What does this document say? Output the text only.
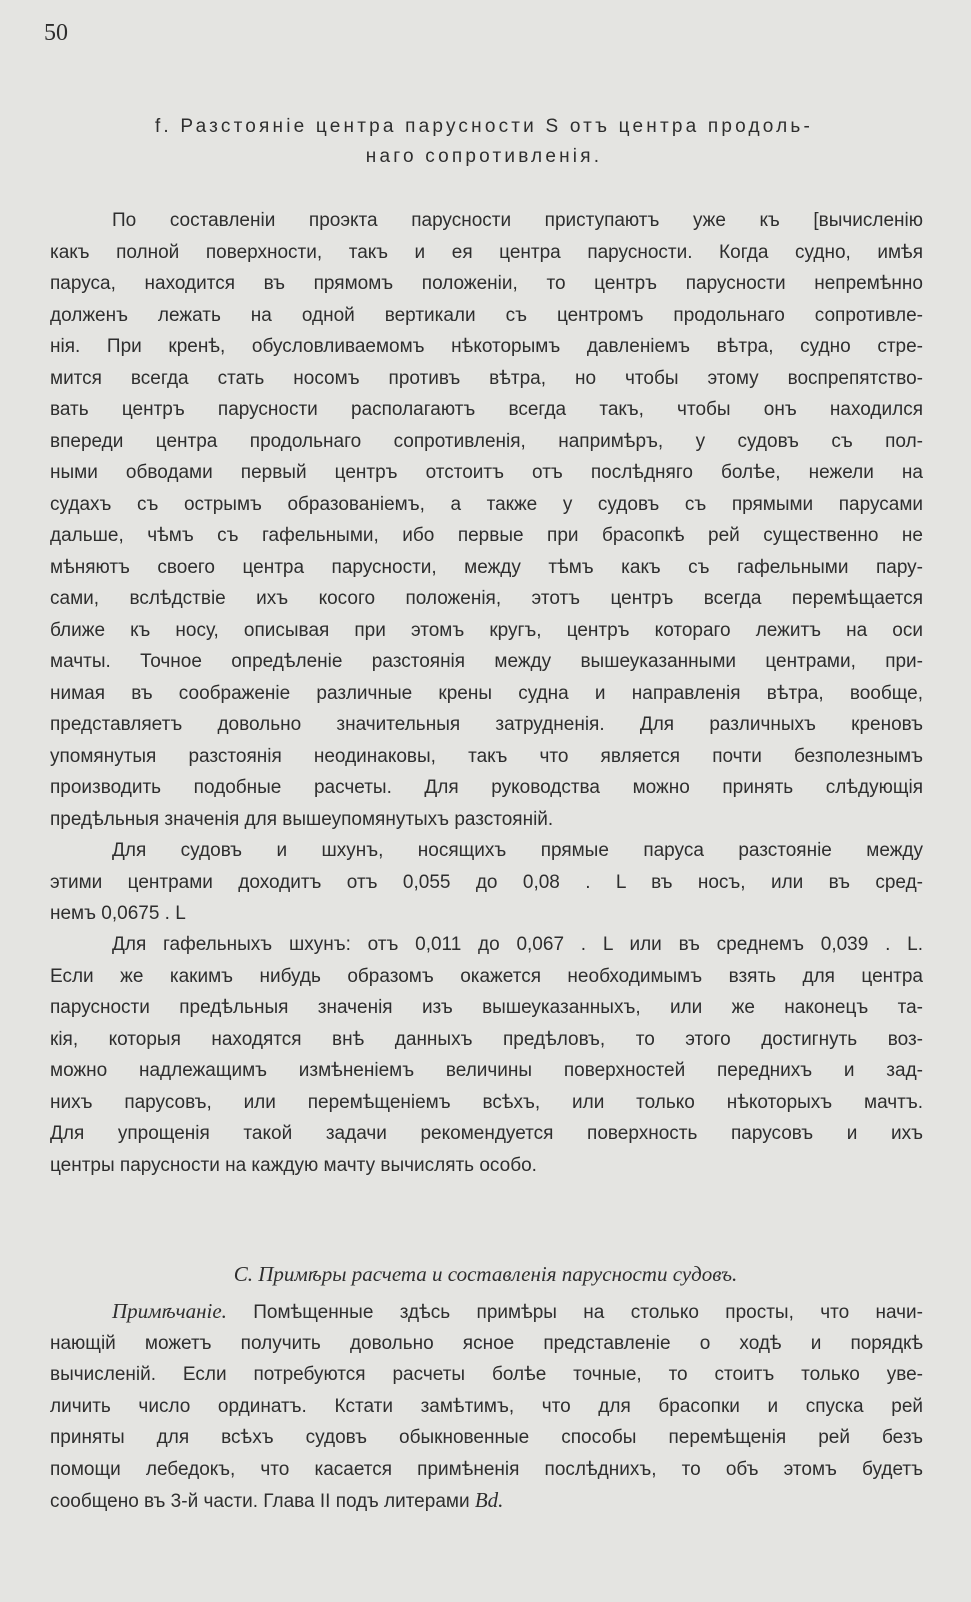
50
f. Разстояніе центра парусности S отъ центра продоль-
наго сопротивленія.
По составленіи проэкта парусности приступаютъ уже къ [вычисленію
какъ полной поверхности, такъ и ея центра парусности. Когда судно, имѣя
паруса, находится въ прямомъ положеніи, то центръ парусности непремѣнно
долженъ лежать на одной вертикали съ центромъ продольнаго сопротивле-
нія. При кренѣ, обусловливаемомъ нѣкоторымъ давленіемъ вѣтра, судно стре-
мится всегда стать носомъ противъ вѣтра, но чтобы этому воспрепятство-
вать центръ парусности располагаютъ всегда такъ, чтобы онъ находился
впереди центра продольнаго сопротивленія, напримѣръ, у судовъ съ пол-
ными обводами первый центръ отстоитъ отъ послѣдняго болѣе, нежели на
судахъ съ острымъ образованіемъ, а также у судовъ съ прямыми парусами
дальше, чѣмъ съ гафельными, ибо первые при брасопкѣ рей существенно не
мѣняютъ своего центра парусности, между тѣмъ какъ съ гафельными пару-
сами, вслѣдствіе ихъ косого положенія, этотъ центръ всегда перемѣщается
ближе къ носу, описывая при этомъ кругъ, центръ котораго лежитъ на оси
мачты. Точное опредѣленіе разстоянія между вышеуказанными центрами, при-
нимая въ соображеніе различные крены судна и направленія вѣтра, вообще,
представляетъ довольно значительныя затрудненія. Для различныхъ креновъ
упомянутыя разстоянія неодинаковы, такъ что является почти безполезнымъ
производить подобные расчеты. Для руководства можно принять слѣдующія
предѣльныя значенія для вышеупомянутыхъ разстояній.
Для судовъ и шхунъ, носящихъ прямые паруса разстояніе между
этими центрами доходитъ отъ 0,055 до 0,08 . L въ носъ, или въ сред-
немъ 0,0675 . L
Для гафельныхъ шхунъ: отъ 0,011 до 0,067 . L или въ среднемъ 0,039 . L.
Если же какимъ нибудь образомъ окажется необходимымъ взять для центра
парусности предѣльныя значенія изъ вышеуказанныхъ, или же наконецъ та-
кія, которыя находятся внѣ данныхъ предѣловъ, то этого достигнуть воз-
можно надлежащимъ измѣненіемъ величины поверхностей переднихъ и зад-
нихъ парусовъ, или перемѣщеніемъ всѣхъ, или только нѣкоторыхъ мачтъ.
Для упрощенія такой задачи рекомендуется поверхность парусовъ и ихъ
центры парусности на каждую мачту вычислять особо.
С. Примѣры расчета и составленія парусности судовъ.
Примѣчаніе. Помѣщенные здѣсь примѣры на столько просты, что начи-
нающій можетъ получить довольно ясное представленіе о ходѣ и порядкѣ
вычисленій. Если потребуются расчеты болѣе точные, то стоитъ только уве-
личить число ординатъ. Кстати замѣтимъ, что для брасопки и спуска рей
приняты для всѣхъ судовъ обыкновенные способы перемѣщенія рей безъ
помощи лебедокъ, что касается примѣненія послѣднихъ, то объ этомъ будетъ
сообщено въ 3-й части. Глава II подъ литерами Bd.
